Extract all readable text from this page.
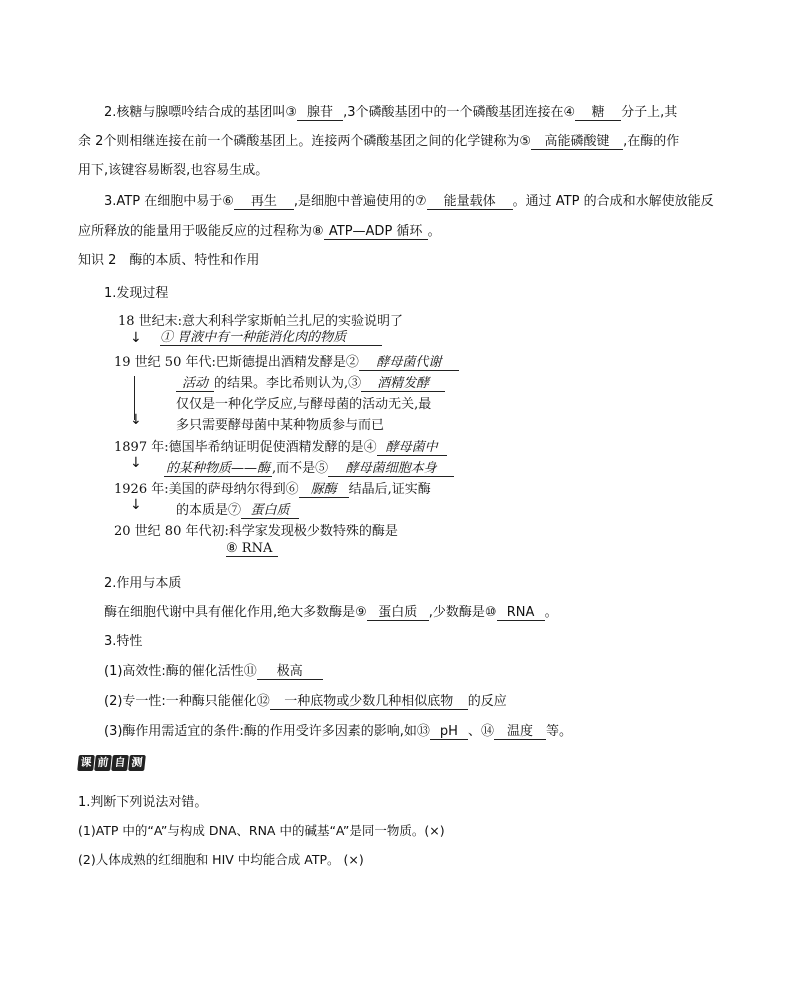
2.核糖与腺嘌呤结合成的基团叫③ 腺苷 ,3个磷酸基团中的一个磷酸基团连接在④ 糖 分子上,其
余 2个则相继连接在前一个磷酸基团上。连接两个磷酸基团之间的化学键称为⑤ 高能磷酸键 ,在酶的作
用下,该键容易断裂,也容易生成。
3.ATP 在细胞中易于⑥ 再生 ,是细胞中普遍使用的⑦ 能量载体 。通过 ATP 的合成和水解使放能反
应所释放的能量用于吸能反应的过程称为⑧ ATP—ADP 循环 。
知识 2　酶的本质、特性和作用
1.发现过程
18 世纪末:意大利科学家斯帕兰扎尼的实验说明了
① 胃液中有一种能消化肉的物质
↓
19 世纪 50 年代:巴斯德提出酒精发酵是② 酵母菌代谢
活动 的结果。李比希则认为,③ 酒精发酵
仅仅是一种化学反应,与酵母菌的活动无关,最
多只需要酵母菌中某种物质参与而已
↓
1897 年:德国毕希纳证明促使酒精发酵的是④ 酵母菌中
↓ 的某种物质——酶 ,而不是⑤ 酵母菌细胞本身
1926 年:美国的萨母纳尔得到⑥ 脲酶 结晶后,证实酶
↓	的本质是⑦ 蛋白质
20 世纪 80 年代初:科学家发现极少数特殊的酶是
⑧ RNA
2.作用与本质
酶在细胞代谢中具有催化作用,绝大多数酶是⑨ 蛋白质 ,少数酶是⑩ RNA 。
3.特性
(1)高效性:酶的催化活性⑪ 极高
(2)专一性:一种酶只能催化⑫ 一种底物或少数几种相似底物 的反应
(3)酶作用需适宜的条件:酶的作用受许多因素的影响,如⑬ pH 、⑭ 温度 等。
课 前 自 测
1.判断下列说法对错。
(1)ATP 中的“A”与构成 DNA、RNA 中的碱基“A”是同一物质。(×)
(2)人体成熟的红细胞和 HIV 中均能合成 ATP。 (×)
